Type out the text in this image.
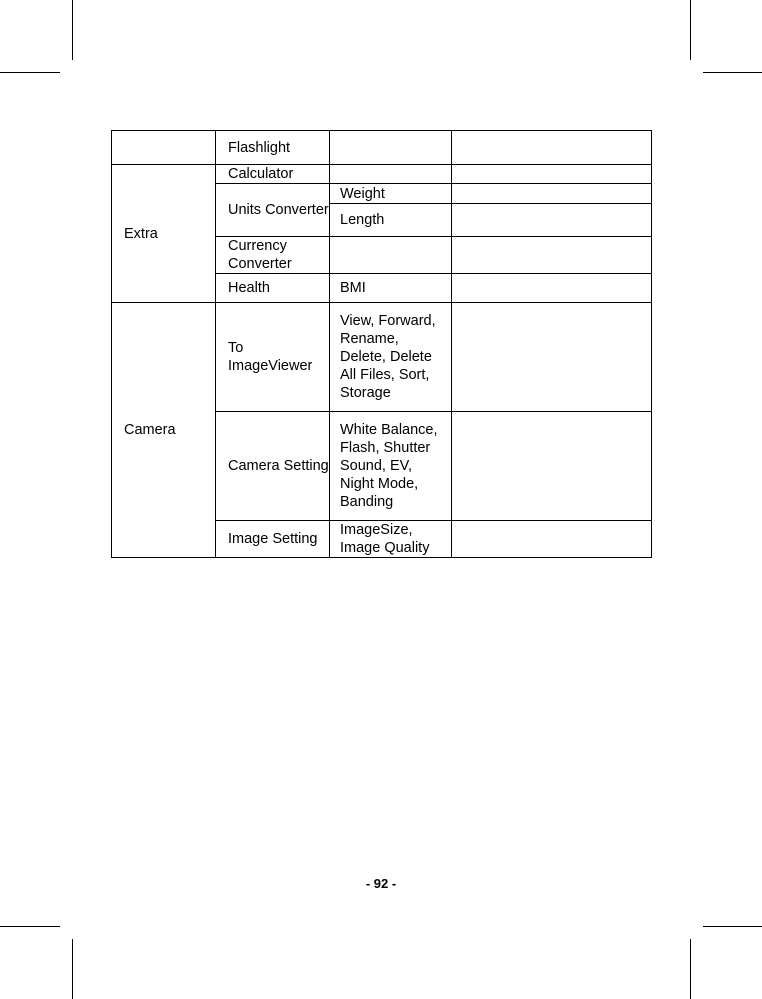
	Flashlight		
Extra	Calculator		
	Units Converter	Weight	
		Length	
	Currency Converter		
	Health	BMI	
Camera	To ImageViewer	View, Forward, Rename, Delete, Delete All Files, Sort, Storage	
	Camera Setting	White Balance, Flash, Shutter Sound, EV, Night Mode, Banding	
	Image Setting	ImageSize, Image Quality	
- 92 -
